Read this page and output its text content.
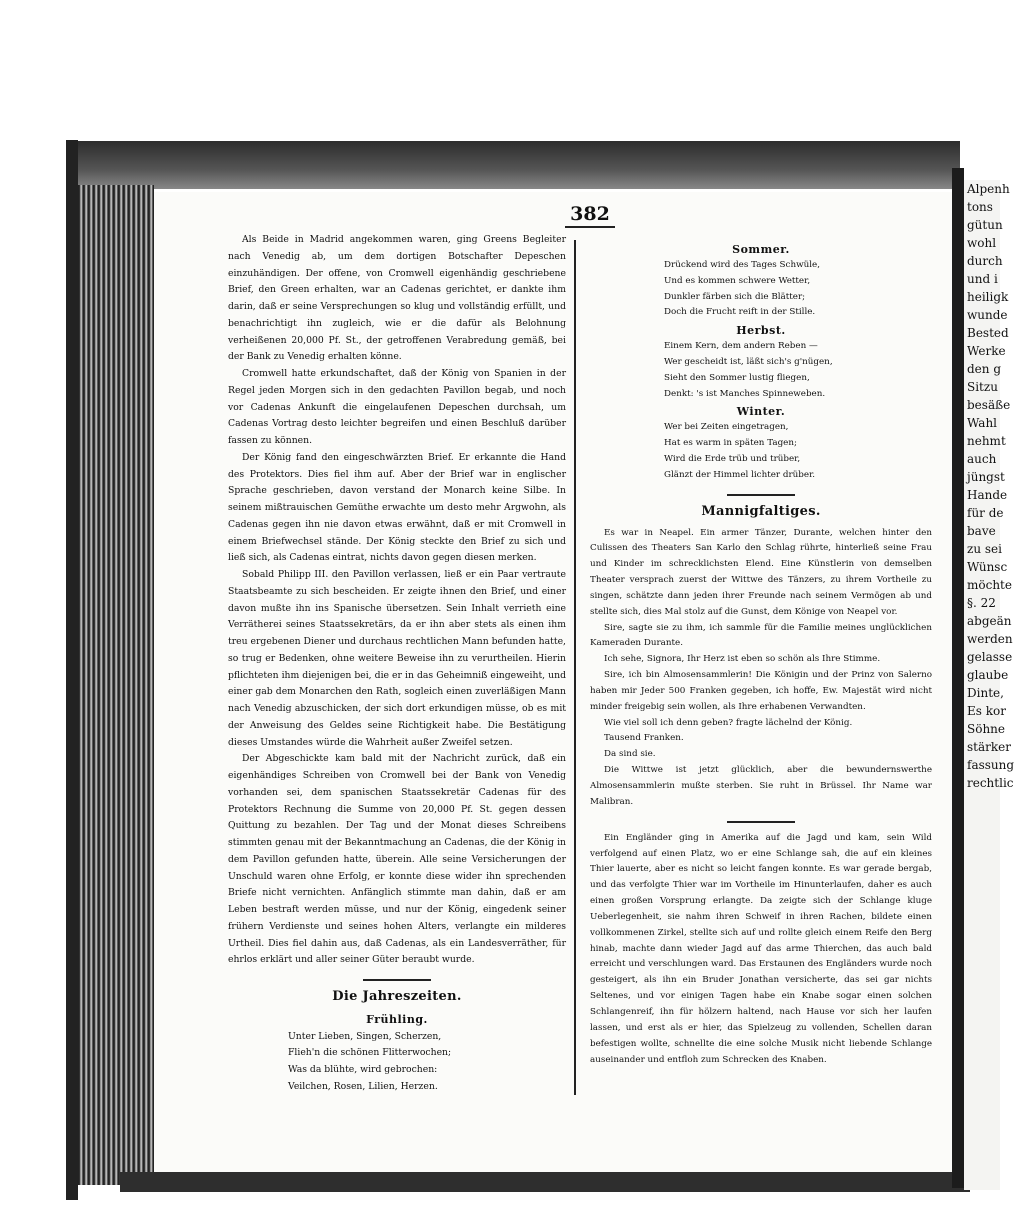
Alpenh
tons
gütun
wohl
durch
und i
heiligk
wunde
Bested
Werke
den g
Sitzu
besäße
Wahl
nehmt
auch
jüngst
Hande
für de
bave
zu sei
Wünsc
möchte
§. 22
abgeän
werden
gelasse
glaube
Dinte,
Es kor
Söhne
stärker
fassung
rechtlic
382

Als Beide in Madrid angekommen waren, ging Greens Begleiter nach Venedig ab, um dem dortigen Botschafter Depeschen einzuhändigen. Der offene, von Cromwell eigenhändig geschriebene Brief, den Green erhalten, war an Cadenas gerichtet, er dankte ihm darin, daß er seine Versprechungen so klug und vollständig erfüllt, und benachrichtigt ihn zugleich, wie er die dafür als Belohnung verheißenen 20,000 Pf. St., der getroffenen Verabredung gemäß, bei der Bank zu Venedig erhalten könne.

Cromwell hatte erkundschaftet, daß der König von Spanien in der Regel jeden Morgen sich in den gedachten Pavillon begab, und noch vor Cadenas Ankunft die eingelaufenen Depeschen durchsah, um Cadenas Vortrag desto leichter begreifen und einen Beschluß darüber fassen zu können.

Der König fand den eingeschwärzten Brief. Er erkannte die Hand des Protektors. Dies fiel ihm auf. Aber der Brief war in englischer Sprache geschrieben, davon verstand der Monarch keine Silbe. In seinem mißtrauischen Gemüthe erwachte um desto mehr Argwohn, als Cadenas gegen ihn nie davon etwas erwähnt, daß er mit Cromwell in einem Briefwechsel stände. Der König steckte den Brief zu sich und ließ sich, als Cadenas eintrat, nichts davon gegen diesen merken.

Sobald Philipp III. den Pavillon verlassen, ließ er ein Paar vertraute Staatsbeamte zu sich bescheiden. Er zeigte ihnen den Brief, und einer davon mußte ihn ins Spanische übersetzen. Sein Inhalt verrieth eine Verrätherei seines Staatssekretärs, da er ihn aber stets als einen ihm treu ergebenen Diener und durchaus rechtlichen Mann befunden hatte, so trug er Bedenken, ohne weitere Beweise ihn zu verurtheilen. Hierin pflichteten ihm diejenigen bei, die er in das Geheimniß eingeweiht, und einer gab dem Monarchen den Rath, sogleich einen zuverläßigen Mann nach Venedig abzuschicken, der sich dort erkundigen müsse, ob es mit der Anweisung des Geldes seine Richtigkeit habe. Die Bestätigung dieses Umstandes würde die Wahrheit außer Zweifel setzen.

Der Abgeschickte kam bald mit der Nachricht zurück, daß ein eigenhändiges Schreiben von Cromwell bei der Bank von Venedig vorhanden sei, dem spanischen Staatssekretär Cadenas für des Protektors Rechnung die Summe von 20,000 Pf. St. gegen dessen Quittung zu bezahlen. Der Tag und der Monat dieses Schreibens stimmten genau mit der Bekanntmachung an Cadenas, die der König in dem Pavillon gefunden hatte, überein. Alle seine Versicherungen der Unschuld waren ohne Erfolg, er konnte diese wider ihn sprechenden Briefe nicht vernichten. Anfänglich stimmte man dahin, daß er am Leben bestraft werden müsse, und nur der König, eingedenk seiner frühern Verdienste und seines hohen Alters, verlangte ein milderes Urtheil. Dies fiel dahin aus, daß Cadenas, als ein Landesverräther, für ehrlos erklärt und aller seiner Güter beraubt wurde.

Die Jahreszeiten.
Frühling.
Unter Lieben, Singen, Scherzen,
Flieh'n die schönen Flitterwochen;
Was da blühte, wird gebrochen:
Veilchen, Rosen, Lilien, Herzen.
Sommer.
Drückend wird des Tages Schwüle,
Und es kommen schwere Wetter,
Dunkler färben sich die Blätter;
Doch die Frucht reift in der Stille.
Herbst.
Einem Kern, dem andern Reben —
Wer gescheidt ist, läßt sich's g'nügen,
Sieht den Sommer lustig fliegen,
Denkt: 's ist Manches Spinneweben.
Winter.
Wer bei Zeiten eingetragen,
Hat es warm in späten Tagen;
Wird die Erde trüb und trüber,
Glänzt der Himmel lichter drüber.
Mannigfaltiges.

Es war in Neapel. Ein armer Tänzer, Durante, welchen hinter den Culissen des Theaters San Karlo den Schlag rührte, hinterließ seine Frau und Kinder im schrecklichsten Elend. Eine Künstlerin von demselben Theater versprach zuerst der Wittwe des Tänzers, zu ihrem Vortheile zu singen, schätzte dann jeden ihrer Freunde nach seinem Vermögen ab und stellte sich, dies Mal stolz auf die Gunst, dem Könige von Neapel vor.

Sire, sagte sie zu ihm, ich sammle für die Familie meines unglücklichen Kameraden Durante.

Ich sehe, Signora, Ihr Herz ist eben so schön als Ihre Stimme.

Sire, ich bin Almosensammlerin! Die Königin und der Prinz von Salerno haben mir Jeder 500 Franken gegeben, ich hoffe, Ew. Majestät wird nicht minder freigebig sein wollen, als Ihre erhabenen Verwandten.

Wie viel soll ich denn geben? fragte lächelnd der König.

Tausend Franken.

Da sind sie.

Die Wittwe ist jetzt glücklich, aber die bewundernswerthe Almosensammlerin mußte sterben. Sie ruht in Brüssel. Ihr Name war Malibran.

Ein Engländer ging in Amerika auf die Jagd und kam, sein Wild verfolgend auf einen Platz, wo er eine Schlange sah, die auf ein kleines Thier lauerte, aber es nicht so leicht fangen konnte. Es war gerade bergab, und das verfolgte Thier war im Vortheile im Hinunterlaufen, daher es auch einen großen Vorsprung erlangte. Da zeigte sich der Schlange kluge Ueberlegenheit, sie nahm ihren Schweif in ihren Rachen, bildete einen vollkommenen Zirkel, stellte sich auf und rollte gleich einem Reife den Berg hinab, machte dann wieder Jagd auf das arme Thierchen, das auch bald erreicht und verschlungen ward. Das Erstaunen des Engländers wurde noch gesteigert, als ihn ein Bruder Jonathan versicherte, das sei gar nichts Seltenes, und vor einigen Tagen habe ein Knabe sogar einen solchen Schlangenreif, ihn für hölzern haltend, nach Hause vor sich her laufen lassen, und erst als er hier, das Spielzeug zu vollenden, Schellen daran befestigen wollte, schnellte die eine solche Musik nicht liebende Schlange auseinander und entfloh zum Schrecken des Knaben.
